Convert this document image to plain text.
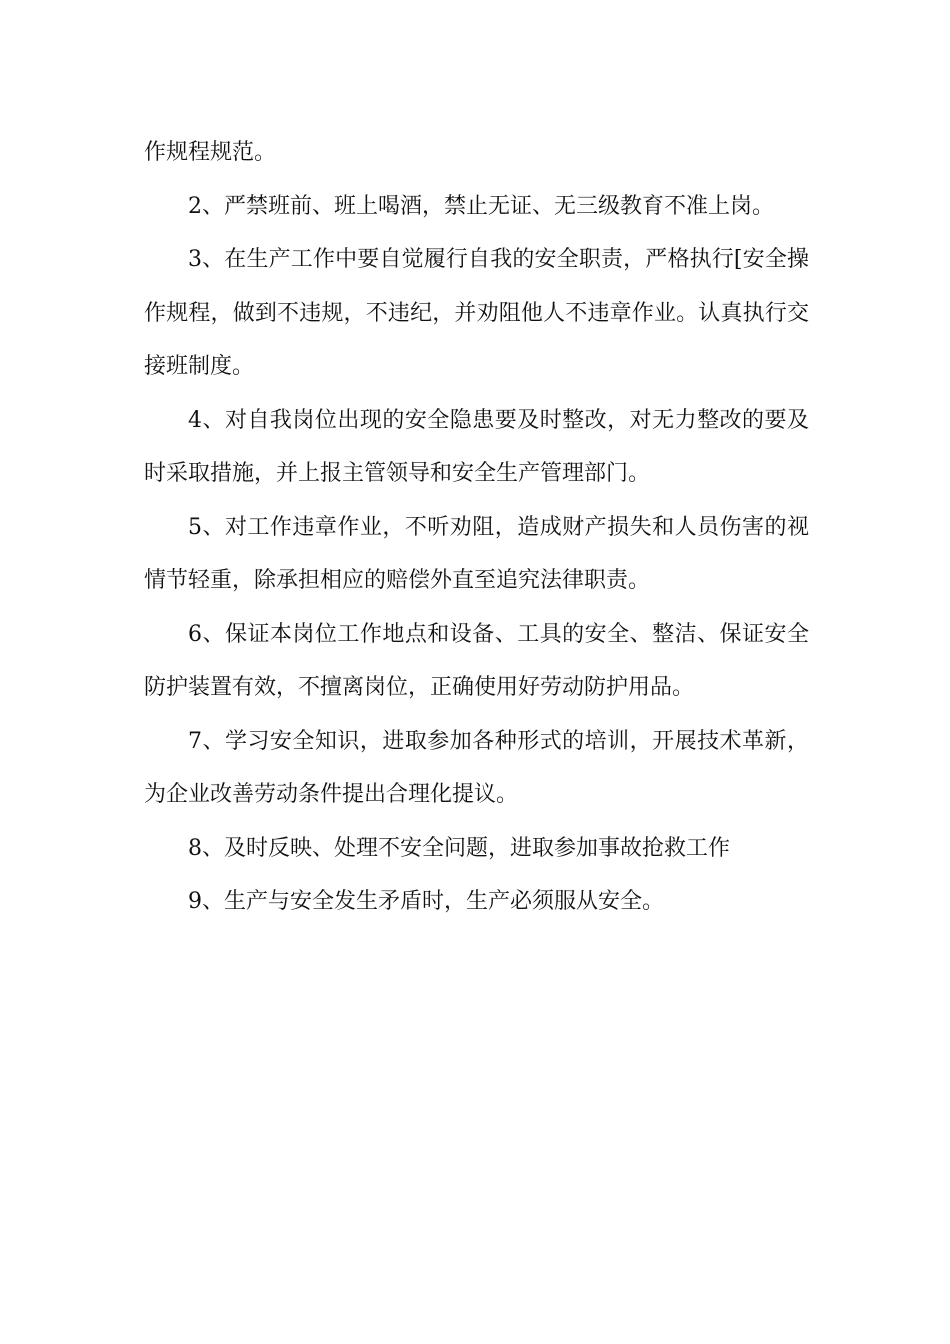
作规程规范。

2、严禁班前、班上喝酒，禁止无证、无三级教育不准上岗。

3、在生产工作中要自觉履行自我的安全职责，严格执行[安全操作规程，做到不违规，不违纪，并劝阻他人不违章作业。认真执行交接班制度。

4、对自我岗位出现的安全隐患要及时整改，对无力整改的要及时采取措施，并上报主管领导和安全生产管理部门。

5、对工作违章作业，不听劝阻，造成财产损失和人员伤害的视情节轻重，除承担相应的赔偿外直至追究法律职责。

6、保证本岗位工作地点和设备、工具的安全、整洁、保证安全防护装置有效，不擅离岗位，正确使用好劳动防护用品。

7、学习安全知识，进取参加各种形式的培训，开展技术革新，为企业改善劳动条件提出合理化提议。

8、及时反映、处理不安全问题，进取参加事故抢救工作

9、生产与安全发生矛盾时，生产必须服从安全。
